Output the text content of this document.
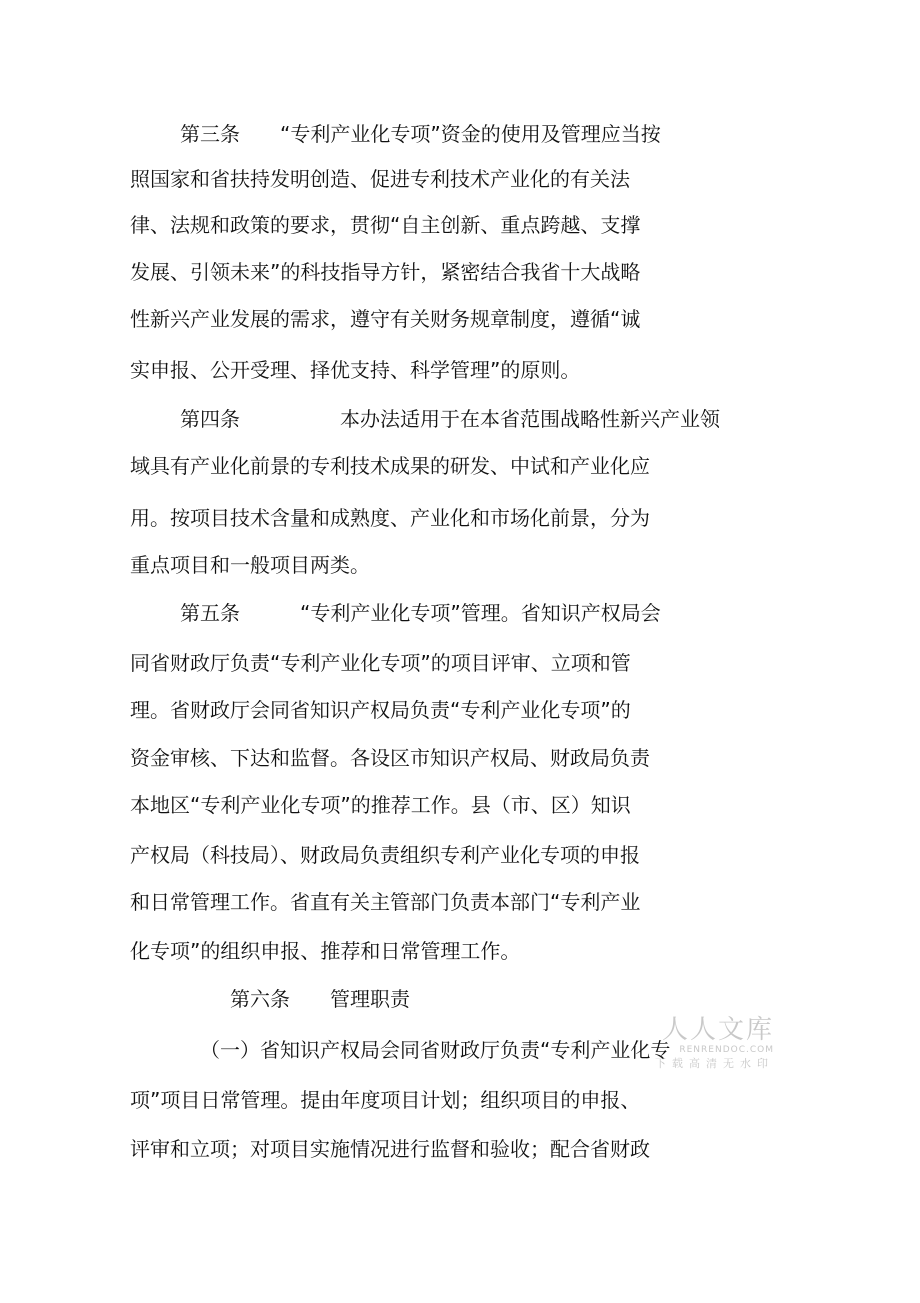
第三条　　“专利产业化专项”资金的使用及管理应当按
照国家和省扶持发明创造、促进专利技术产业化的有关法
律、法规和政策的要求，贯彻“自主创新、重点跨越、支撑
发展、引领未来”的科技指导方针，紧密结合我省十大战略
性新兴产业发展的需求，遵守有关财务规章制度，遵循“诚
实申报、公开受理、择优支持、科学管理”的原则。
第四条　　　　　本办法适用于在本省范围战略性新兴产业领
域具有产业化前景的专利技术成果的研发、中试和产业化应
用。按项目技术含量和成熟度、产业化和市场化前景，分为
重点项目和一般项目两类。
第五条　　　“专利产业化专项”管理。省知识产权局会
同省财政厅负责“专利产业化专项”的项目评审、立项和管
理。省财政厅会同省知识产权局负责“专利产业化专项”的
资金审核、下达和监督。各设区市知识产权局、财政局负责
本地区“专利产业化专项”的推荐工作。县（市、区）知识
产权局（科技局）、财政局负责组织专利产业化专项的申报
和日常管理工作。省直有关主管部门负责本部门“专利产业
化专项”的组织申报、推荐和日常管理工作。
第六条　　管理职责
（一）省知识产权局会同省财政厅负责“专利产业化专
项”项目日常管理。提由年度项目计划；组织项目的申报、
评审和立项；对项目实施情况进行监督和验收；配合省财政
人人文库
RENRENDOC.COM
下载高清无水印
